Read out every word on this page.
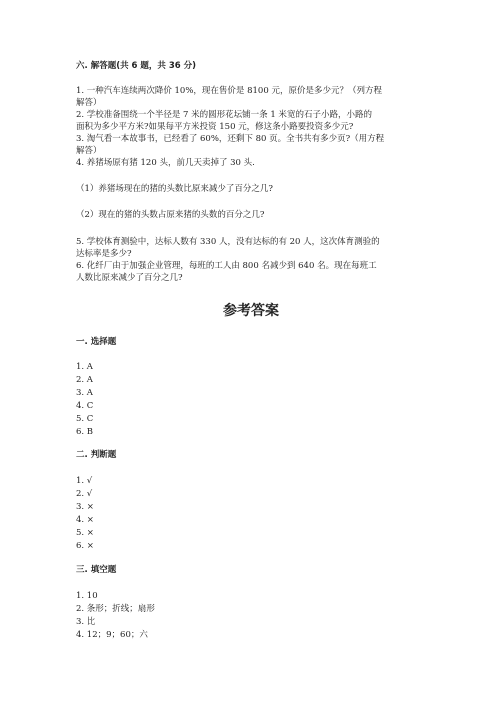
六. 解答题(共 6 题，共 36 分)
1. 一种汽车连续两次降价 10%，现在售价是 8100 元，原价是多少元？（列方程
解答）
2. 学校准备围绕一个半径是 7 米的圆形花坛铺一条 1 米宽的石子小路，小路的
面积为多少平方米?如果每平方米投资 150 元，修这条小路要投资多少元?
3. 淘气看一本故事书，已经看了 60%，还剩下 80 页。全书共有多少页?（用方程
解答）
4. 养猪场原有猪 120 头，前几天卖掉了 30 头.
（1）养猪场现在的猪的头数比原来减少了百分之几?
（2）现在的猪的头数占原来猪的头数的百分之几?
5. 学校体育测验中，达标人数有 330 人，没有达标的有 20 人，这次体育测验的
达标率是多少?
6. 化纤厂由于加强企业管理，每班的工人由 800 名减少到 640 名。现在每班工
人数比原来减少了百分之几?
参考答案
一. 选择题
1. A
2. A
3. A
4. C
5. C
6. B
二. 判断题
1. √
2. √
3. ×
4. ×
5. ×
6. ×
三. 填空题
1. 10
2. 条形；折线；扇形
3. 比
4. 12；9；60；六
